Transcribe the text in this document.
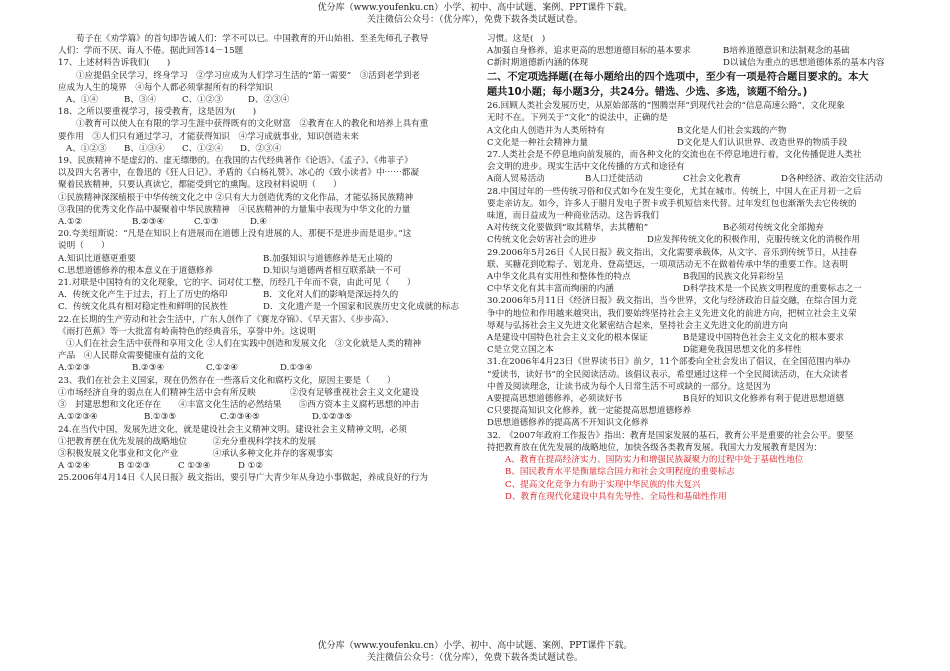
优分库（www.youfenku.cn）小学、初中、高中试题、案例、PPT课件下载。
关注微信公众号：（优分库），免费下载各类试题试卷。
荀子在《劝学篇》的首句即告诫人们：学不可以已。中国教育的开山始祖、至圣先师孔子教导
人们：学而不厌、诲人不倦。据此回答14－15题
17、上述材料告诉我们(　　)
①应提倡全民学习，终身学习　②学习应成为人们学习生活的“第一需要”　③活到老学到老
应成为人生的境界　④每个人都必须掌握所有的科学知识
A、①④	B、③④	C、①②③	D、②③④
18、之所以要重视学习，接受教育，这是因为(　　)
①教育可以使人在有限的学习生涯中获得既有的文化财富　②教育在人的教化和培养上具有重
要作用　③人们只有通过学习，才能获得知识　④学习成就事业，知识创造未来
A、①②③	B、①③④	C、①②④	D、②③④
19、民族精神不是虚幻的、虚无缥缈的。在我国的古代经典著作《论语》、《孟子》、《弗菲子》
以及四大名著中，在鲁迅的《狂人日记》、矛盾的《白杨礼赞》、冰心的《致小读者》中⋯⋯都凝
聚着民族精神，只要认真读它，都能受到它的熏陶。这段材料说明（　　）
①民族精神深深植根于中华传统文化之中 ②只有大力创造优秀的文化作品，才能弘扬民族精神
③我国的优秀文化作品中凝聚着中华民族精神　④民族精神的力量集中表现为中华文化的力量
A.①②	B.②③④	C.①③	D.④
20.夸美纽斯说：“凡是在知识上有进展而在道德上没有进展的人，那便不是进步而是退步。”这
说明（　　）
A.知识比道德更重要	B.加强知识与道德修养是无止境的
C.思想道德修养的根本意义在于道德修养	D.知识与道德两者相互联系缺一不可
21.对联是中国特有的文化现象，它的字、词对仗工整，历经几千年而不衰，由此可见（　　）
A．传统文化产生于过去，打上了历史的烙印	B．文化对人们的影响是深远持久的
C．传统文化具有相对稳定性和鲜明的民族性	D．文化遗产是一个国家和民族历史文化成就的标志
22.在长期的生产劳动和社会生活中，广东人创作了《赛龙夺锦》、《早天雷》、《步步高》、
《雨打芭蕉》等一大批富有岭南特色的经典音乐，享誉中外。这说明
①人们在社会生活中获得和享用文化 ②人们在实践中创造和发展文化　③文化就是人类的精神
产品　④人民群众需要健康有益的文化
A.①②③	B.②③④	C.①②④	D.①③④
23、我们在社会主义国家，现在仍然存在一些落后文化和腐朽文化，原因主要是（　　）
①市场经济自身的弱点在人们精神生活中会有所反映　　　　②没有足够重视社会主义文化建设
③　封建思想和文化还存在　　④丰富文化生活的必然结果　　⑤西方资本主义腐朽思想的冲击
A.①②③④	B.①③⑤	C.②③④⑤	D.①②③⑤
24.在当代中国，发展先进文化，就是建设社会主义精神文明。建设社会主义精神文明，必须
①把教育摆在优先发展的战略地位　　　②充分重视科学技术的发展
③积极发展文化事业和文化产业　　　　④承认多种文化并存的客观事实
A ①②④	B ①②③	C ①③④	D ①②
25.2006年4月14日《人民日报》载文指出，要引导广大青少年从身边小事做起，养成良好的行为
习惯。这是(　)
A加强自身修养，追求更高的思想道德目标的基本要求	B培养道德意识和法制观念的基础
C新时期道德新内涵的体现	D以诚信为重点的思想道德体系的基本内容
二、不定项选择题(在每小题给出的四个选项中，至少有一项是符合题目要求的。本大
题共10小题；每小题3分，共24分。错选、少选、多选，该题不给分。)
26.回顾人类社会发展历史，从原始部落的“图腾崇拜”到现代社会的“信息高速公路”，文化现象
无时不在。下列关于“文化”的说法中，正确的是
A文化由人创造并为人类所特有	B文化是人们社会实践的产物
C文化是一种社会精神力量	D文化是人们认识世界、改造世界的物质手段
27.人类社会是不停息地向前发展的，而各种文化的交流也在不停息地进行着，文化传播促进人类社
会文明的进步。现实生活中文化传播的方式和途径有
A商人贸易活动	B人口迁徙活动	C社会文化教育	D各种经济、政治交往活动
28.中国过年的一些传统习俗和仪式如今在发生变化，尤其在城市。传统上，中国人在正月初一之后
要走亲访友。如今，许多人于腊月发电子贺卡或手机短信来代替。过年发红包也渐渐失去它传统的
味道，而日益成为一种商业活动。这告诉我们
A对传统文化要做到“取其精华，去其糟粕”	B必须对传统文化全部抛弃
C传统文化会妨害社会的进步	D应发挥传统文化的积极作用，克服传统文化的消极作用
29.2006年5月26日《人民日报》载文指出，文化需要承载体，从文字、音乐到传统节日，从挂春
联、买糖花到吃粽子、划龙舟、登高望远，一项项活动无不在做着传承中华的重要工作。这表明
A中华文化具有实用性和整体性的特点	B我国的民族文化异彩纷呈
C中华文化有其丰富而绚丽的内涵	D科学技术是一个民族文明程度的重要标志之一
30.2006年5月11日《经济日报》载文指出，当今世界，文化与经济政治日益交融，在综合国力竞
争中的地位和作用越来越突出，我们要始终坚持社会主义先进文化的前进方向，把树立社会主义荣
辱观与弘扬社会主义先进文化紧密结合起来，坚持社会主义先进文化的前进方向
A是建设中国特色社会主义文化的根本保证	B是建设中国特色社会主义文化的根本要求
C是立党立国之本	D能避免我国思想文化的多样性
31.在2006年4月23日《世界读书日》前夕，11个部委向全社会发出了倡议，在全国范围内举办
“爱读书，读好书”的全民阅读活动。该倡议表示，希望通过这样一个全民阅读活动，在大众读者
中普及阅读理念，让读书成为每个人日常生活不可或缺的一部分。这是因为
A要提高思想道德修养，必须读好书	B良好的知识文化修养有利于促进思想道德
C只要提高知识文化修养，就一定能提高思想道德修养
D思想道德修养的提高离不开知识文化修养
32.　《2007年政府工作报告》指出：教育是国家发展的基石，教育公平是重要的社会公平。要坚
持把教育放在优先发展的战略地位，加快各级各类教育发展。我国大力发展教育是因为：
A、教育在提高经济实力、国防实力和增强民族凝聚力的过程中处于基础性地位
B、国民教育水平是衡量综合国力和社会文明程度的重要标志
C、提高文化竞争力有助于实现中华民族的伟大复兴
D、教育在现代化建设中具有先导性、全局性和基础性作用
优分库（www.youfenku.cn）小学、初中、高中试题、案例、PPT课件下载。
关注微信公众号：（优分库），免费下载各类试题试卷。
